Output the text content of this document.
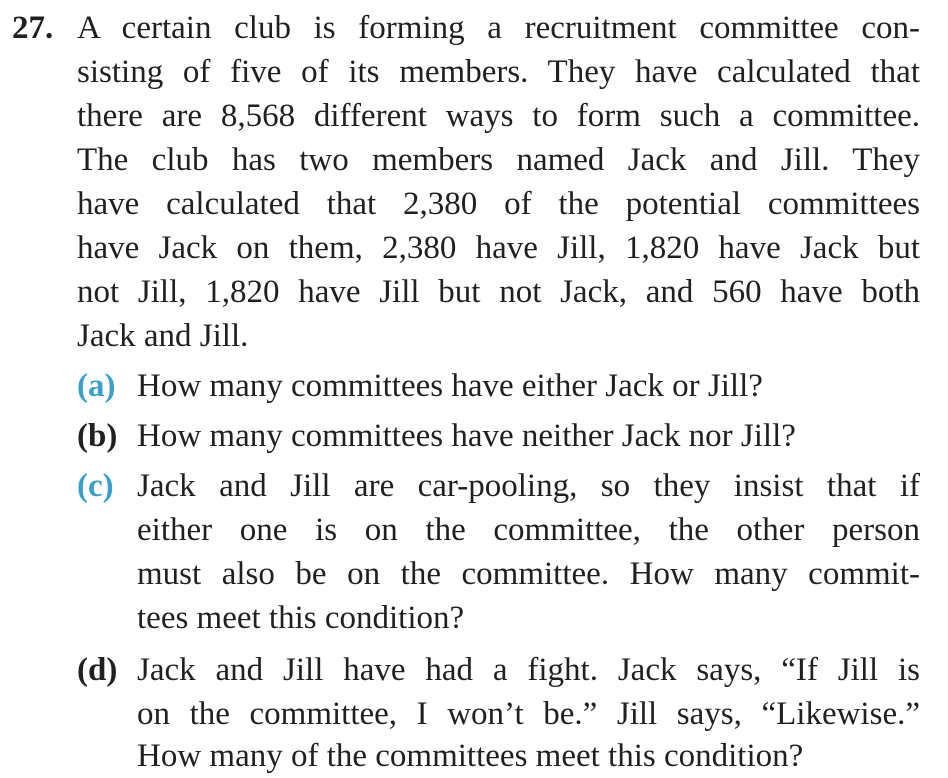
27. A certain club is forming a recruitment committee con-
sisting of five of its members. They have calculated that
there are 8,568 different ways to form such a committee.
The club has two members named Jack and Jill. They
have calculated that 2,380 of the potential committees
have Jack on them, 2,380 have Jill, 1,820 have Jack but
not Jill, 1,820 have Jill but not Jack, and 560 have both
Jack and Jill.
(a) How many committees have either Jack or Jill?
(b) How many committees have neither Jack nor Jill?
(c) Jack and Jill are car-pooling, so they insist that if
either one is on the committee, the other person
must also be on the committee. How many commit-
tees meet this condition?
(d) Jack and Jill have had a fight. Jack says, “If Jill is
on the committee, I won’t be.” Jill says, “Likewise.”
How many of the committees meet this condition?
